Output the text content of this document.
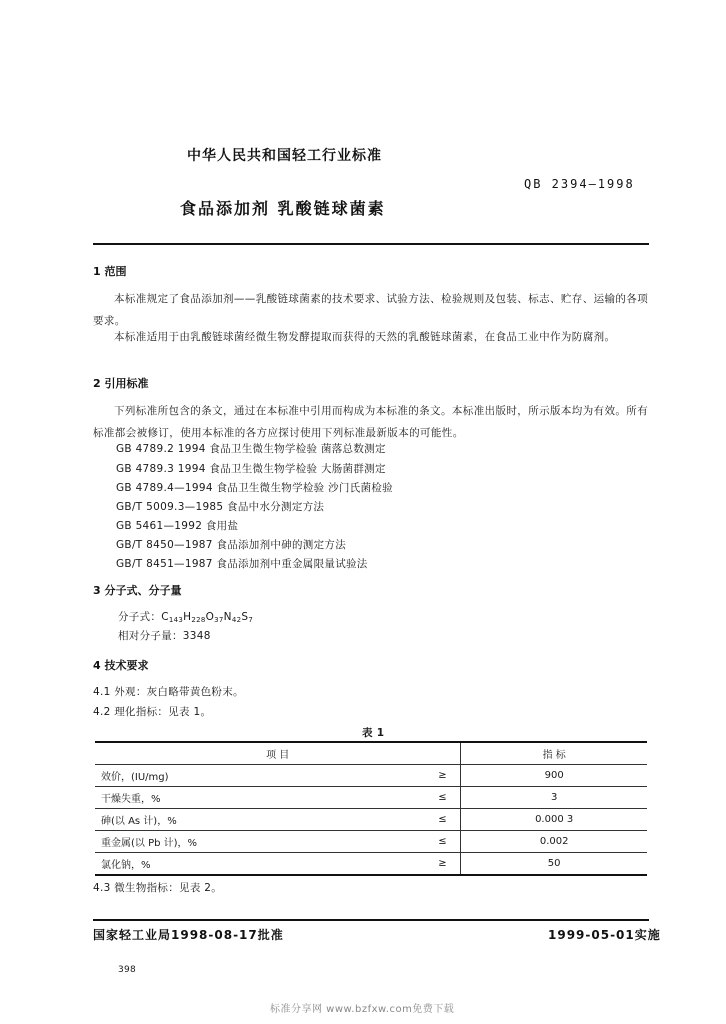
中华人民共和国轻工行业标准
QB 2394—1998
食品添加剂 乳酸链球菌素
1 范围
本标准规定了食品添加剂——乳酸链球菌素的技术要求、试验方法、检验规则及包装、标志、贮存、运输的各项要求。
本标准适用于由乳酸链球菌经微生物发酵提取而获得的天然的乳酸链球菌素，在食品工业中作为防腐剂。
2 引用标准
下列标准所包含的条文，通过在本标准中引用而构成为本标准的条文。本标准出版时，所示版本均为有效。所有标准都会被修订，使用本标准的各方应探讨使用下列标准最新版本的可能性。
GB 4789.2 1994 食品卫生微生物学检验 菌落总数测定
GB 4789.3 1994 食品卫生微生物学检验 大肠菌群测定
GB 4789.4—1994 食品卫生微生物学检验 沙门氏菌检验
GB/T 5009.3—1985 食品中水分测定方法
GB 5461—1992 食用盐
GB/T 8450—1987 食品添加剂中砷的测定方法
GB/T 8451—1987 食品添加剂中重金属限量试验法
3 分子式、分子量
分子式：$C_{143}H_{228}O_{37}N_{42}S_7$
相对分子量：3348
4 技术要求
4.1 外观：灰白略带黄色粉末。
4.2 理化指标：见表 1。
表 1
项 目		指 标
效价，(IU/mg)	≥	900
干燥失重，%	≤	3
砷(以 As 计)，%	≤	0.000 3
重金属(以 Pb 计)，%	≤	0.002
氯化钠，%	≥	50
4.3 微生物指标：见表 2。
国家轻工业局1998-08-17批准	1999-05-01实施
398
标准分享网 www.bzfxw.com免费下载
